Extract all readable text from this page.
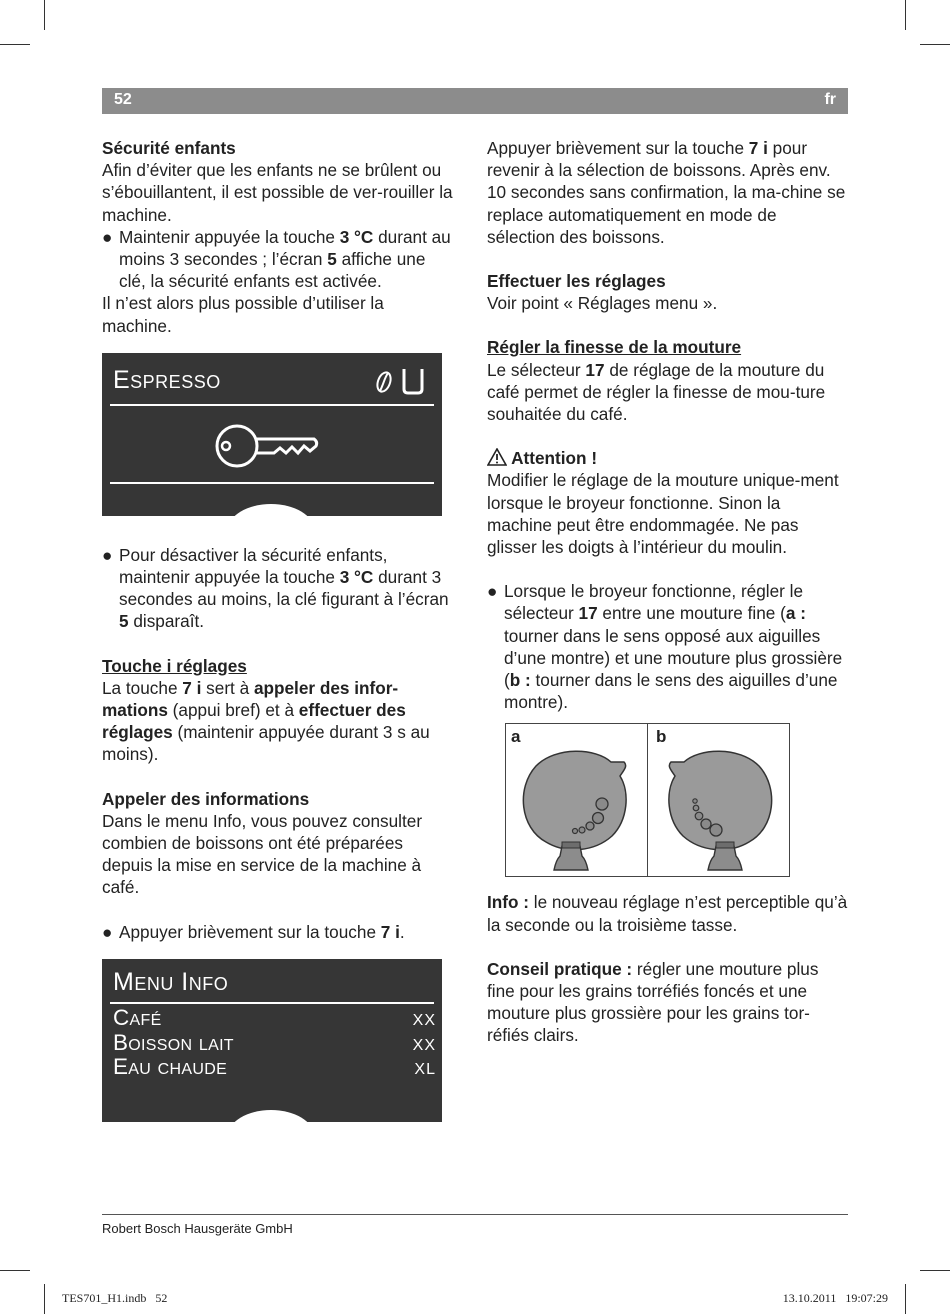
52	fr

Sécurité enfants

Afin d’éviter que les enfants ne se brûlent ou s’ébouillantent, il est possible de ver-rouiller la machine.

● Maintenir appuyée la touche 3 °C durant au moins 3 secondes ; l’écran 5 affiche une clé, la sécurité enfants est activée.

Il n’est alors plus possible d’utiliser la machine.

Espresso

● Pour désactiver la sécurité enfants, maintenir appuyée la touche 3 °C durant 3 secondes au moins, la clé figurant à l’écran 5 disparaît.

Touche i réglages

La touche 7 i sert à appeler des infor-mations (appui bref) et à effectuer des réglages (maintenir appuyée durant 3 s au moins).

Appeler des informations

Dans le menu Info, vous pouvez consulter combien de boissons ont été préparées depuis la mise en service de la machine à café.

● Appuyer brièvement sur la touche 7 i.

Menu Info
Café	xx
Boisson lait	xx
Eau chaude	xl

Appuyer brièvement sur la touche 7 i pour revenir à la sélection de boissons. Après env. 10 secondes sans confirmation, la ma-chine se replace automatiquement en mode de sélection des boissons.

Effectuer les réglages

Voir point « Réglages menu ».

Régler la finesse de la mouture

Le sélecteur 17 de réglage de la mouture du café permet de régler la finesse de mou-ture souhaitée du café.

Attention !

Modifier le réglage de la mouture unique-ment lorsque le broyeur fonctionne. Sinon la machine peut être endommagée. Ne pas glisser les doigts à l’intérieur du moulin.

● Lorsque le broyeur fonctionne, régler le sélecteur 17 entre une mouture fine (a : tourner dans le sens opposé aux aiguilles d’une montre) et une mouture plus grossière (b : tourner dans le sens des aiguilles d’une montre).

a	b

Info : le nouveau réglage n’est perceptible qu’à la seconde ou la troisième tasse.

Conseil pratique : régler une mouture plus fine pour les grains torréfiés foncés et une mouture plus grossière pour les grains tor-réfiés clairs.

Robert Bosch Hausgeräte GmbH
TES701_H1.indb   52	13.10.2011   19:07:29
